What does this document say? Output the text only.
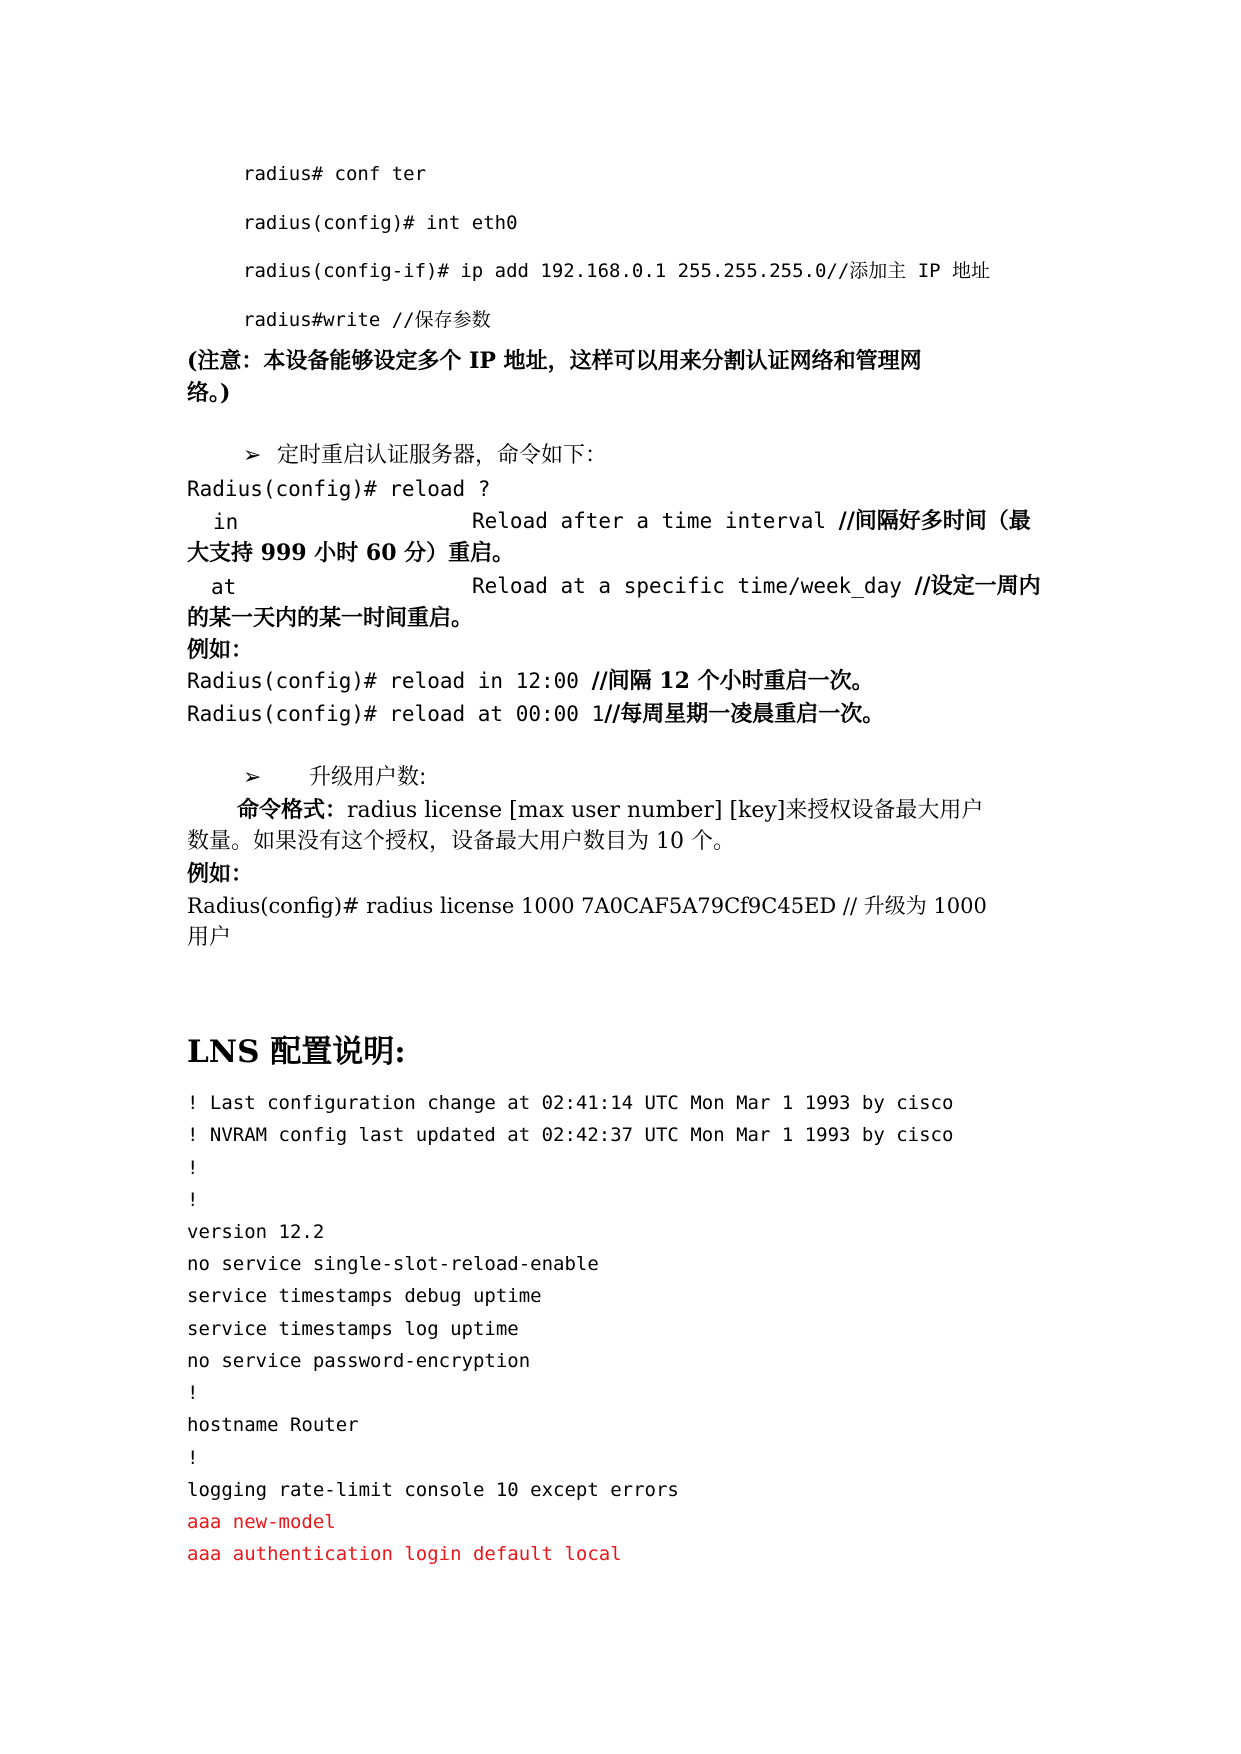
radius# conf ter
radius(config)# int eth0
radius(config-if)# ip add 192.168.0.1 255.255.255.0//添加主 IP 地址
radius#write //保存参数
(注意：本设备能够设定多个 IP 地址，这样可以用来分割认证网络和管理网
络。)
➢ 定时重启认证服务器，命令如下：
Radius(config)# reload ?
in	Reload after a time interval //间隔好多时间（最
大支持 999 小时 60 分）重启。
at	Reload at a specific time/week_day //设定一周内
的某一天内的某一时间重启。
例如：
Radius(config)# reload in 12:00 //间隔 12 个小时重启一次。
Radius(config)# reload at 00:00 1//每周星期一凌晨重启一次。
➢ 升级用户数:
命令格式：radius license [max user number] [key]来授权设备最大用户
数量。如果没有这个授权，设备最大用户数目为 10 个。
例如：
Radius(config)# radius license 1000 7A0CAF5A79Cf9C45ED // 升级为 1000
用户
LNS 配置说明:
! Last configuration change at 02:41:14 UTC Mon Mar 1 1993 by cisco
! NVRAM config last updated at 02:42:37 UTC Mon Mar 1 1993 by cisco
!
!
version 12.2
no service single-slot-reload-enable
service timestamps debug uptime
service timestamps log uptime
no service password-encryption
!
hostname Router
!
logging rate-limit console 10 except errors
aaa new-model
aaa authentication login default local
